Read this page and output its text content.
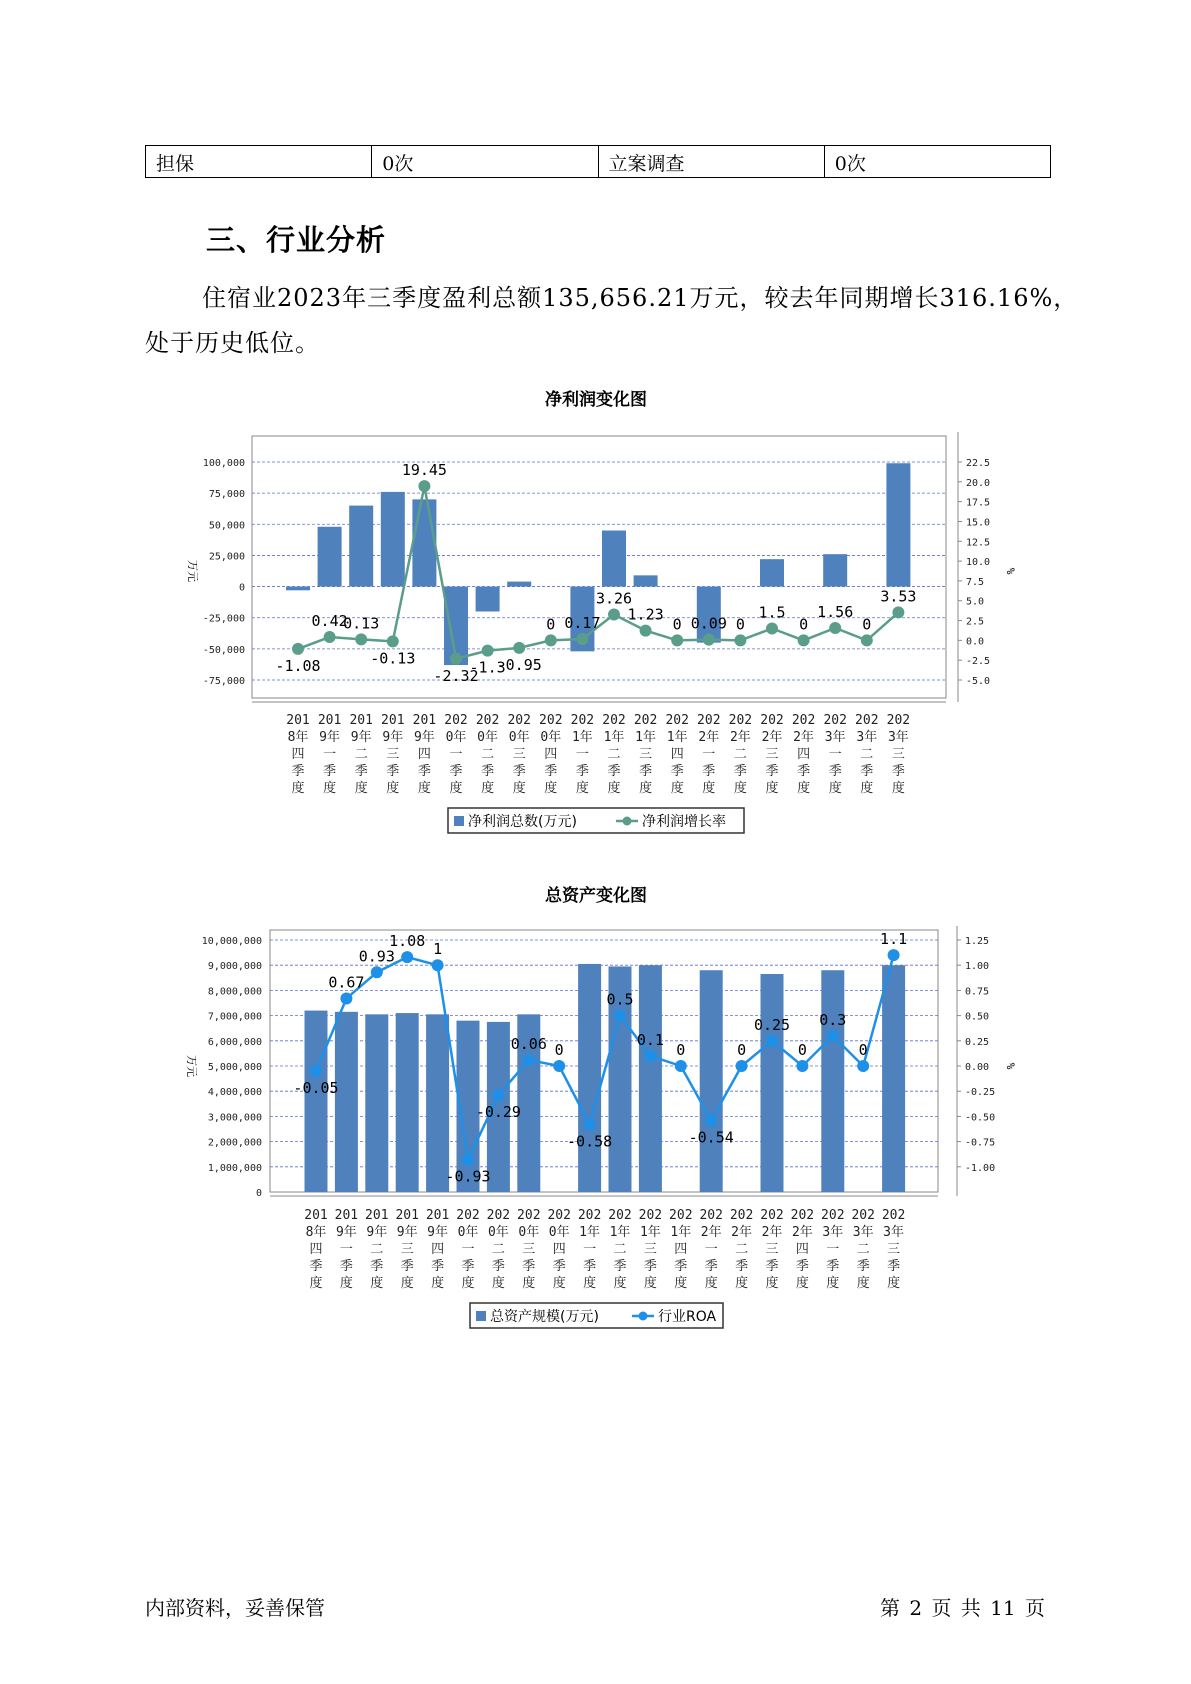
担保	0次	立案调查	0次
三、行业分析

住宿业2023年三季度盈利总额135,656.21万元，较去年同期增长316.16%，处于历史低位。

净利润变化图
100,000
75,000
50,000
25,000
0
-25,000
-50,000
-75,000
22.5
20.0
17.5
15.0
12.5
10.0
7.5
5.0
2.5
0.0
-2.5
-5.0
万元	%
201
8年
四
季
度
201
9年
一
季
度
201
9年
二
季
度
201
9年
三
季
度
201
9年
四
季
度
202
0年
一
季
度
202
0年
二
季
度
202
0年
三
季
度
202
0年
四
季
度
202
1年
一
季
度
202
1年
二
季
度
202
1年
三
季
度
202
1年
四
季
度
202
2年
一
季
度
202
2年
二
季
度
202
2年
三
季
度
202
2年
四
季
度
202
3年
一
季
度
202
3年
二
季
度
202
3年
三
季
度
-1.08
0.42
0.13
-0.13
19.45
-2.32
-1.3
-0.95
0 0.17
3.26
1.23
0 0.09 0
1.5
0
1.56
0
3.53
净利润总数(万元)	净利润增长率
总资产变化图
10,000,000
9,000,000
8,000,000
7,000,000
6,000,000
5,000,000
4,000,000
3,000,000
2,000,000
1,000,000
0
1.25
1.00
0.75
0.50
0.25
0.00
-0.25
-0.50
-0.75
-1.00
万元	%
201
8年
四
季
度
201
9年
一
季
度
201
9年
二
季
度
201
9年
三
季
度
201
9年
四
季
度
202
0年
一
季
度
202
0年
二
季
度
202
0年
三
季
度
202
0年
四
季
度
202
1年
一
季
度
202
1年
二
季
度
202
1年
三
季
度
202
1年
四
季
度
202
2年
一
季
度
202
2年
二
季
度
202
2年
三
季
度
202
2年
四
季
度
202
3年
一
季
度
202
3年
二
季
度
202
3年
三
季
度
-0.05
0.67
0.93
1.08 1
-0.93
-0.29
0.06 0
-0.58
0.5
0.1
0
-0.54
0
0.25
0
0.3
0
1.1
总资产规模(万元)	行业ROA
内部资料，妥善保管	第 2 页 共 11 页
